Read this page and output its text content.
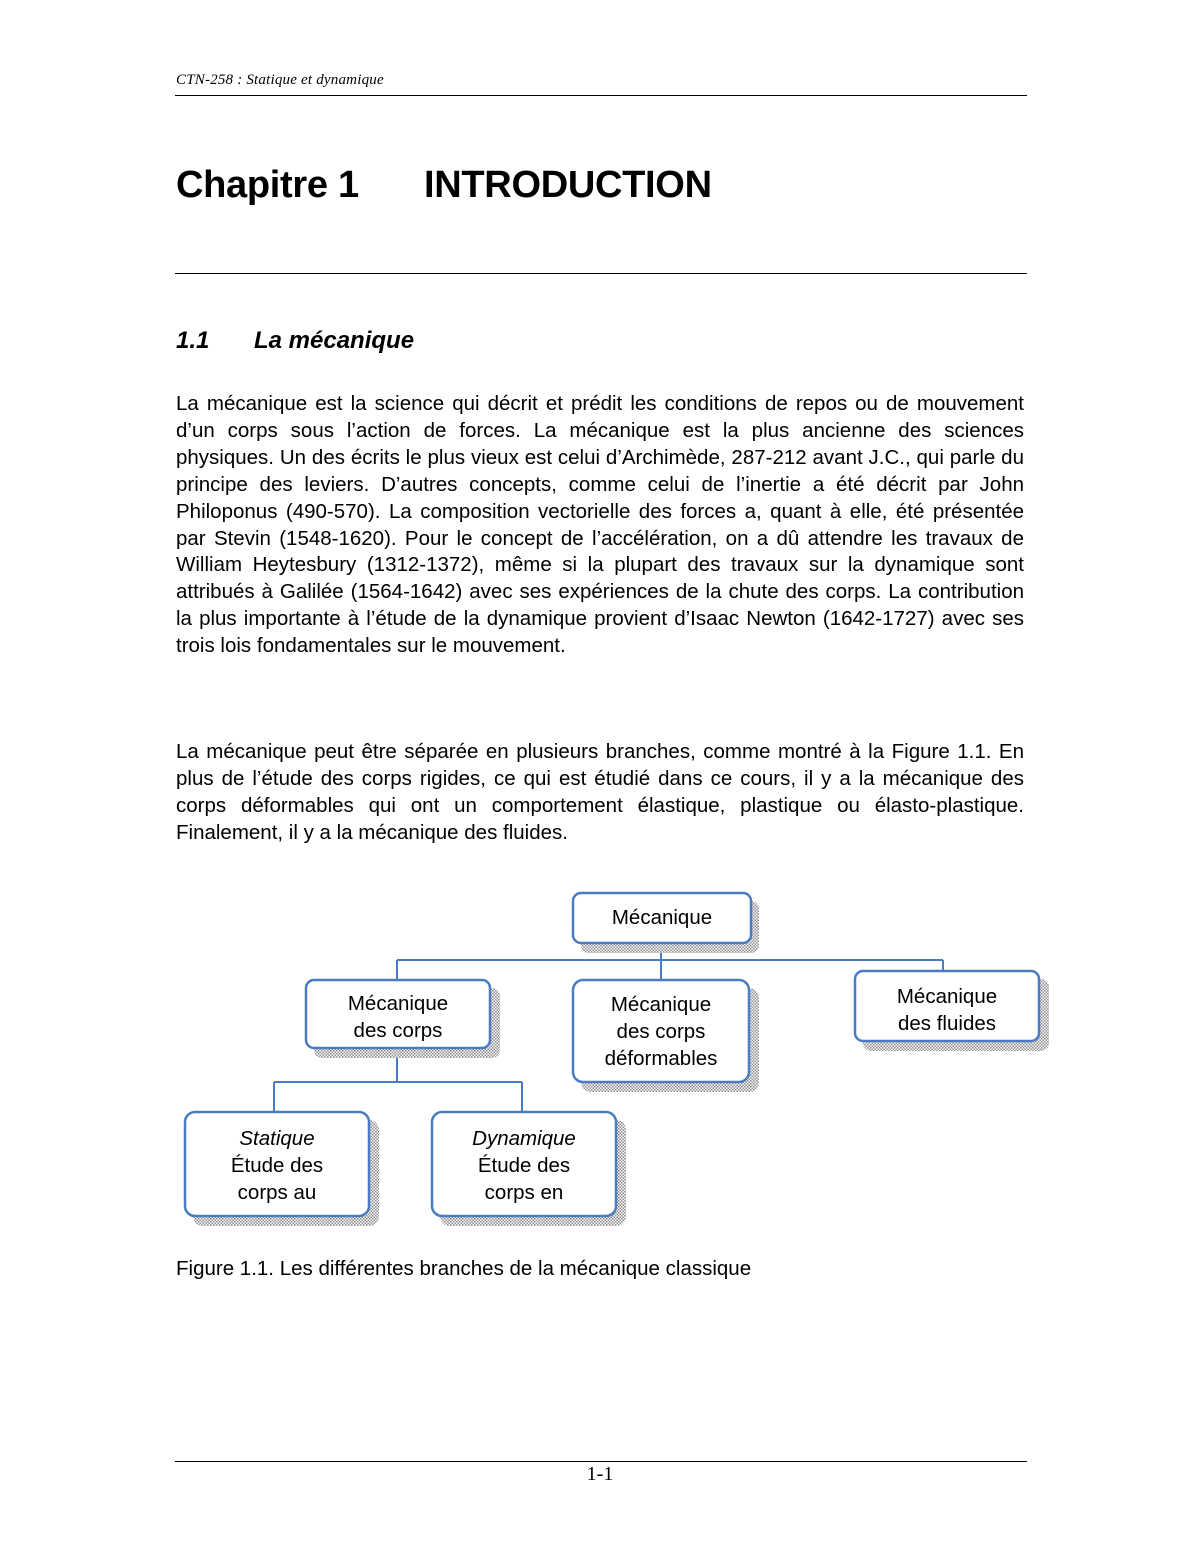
CTN-258 : Statique et dynamique
Chapitre 1 INTRODUCTION
1.1 La mécanique

La mécanique est la science qui décrit et prédit les conditions de repos ou de mouvement d’un corps sous l’action de forces. La mécanique est la plus ancienne des sciences physiques. Un des écrits le plus vieux est celui d’Archimède, 287-212 avant J.C., qui parle du principe des leviers. D’autres concepts, comme celui de l’inertie a été décrit par John Philoponus (490-570). La composition vectorielle des forces a, quant à elle, été présentée par Stevin (1548-1620). Pour le concept de l’accélération, on a dû attendre les travaux de William Heytesbury (1312-1372), même si la plupart des travaux sur la dynamique sont attribués à Galilée (1564-1642) avec ses expériences de la chute des corps. La contribution la plus importante à l’étude de la dynamique provient d’Isaac Newton (1642-1727) avec ses trois lois fondamentales sur le mouvement.

La mécanique peut être séparée en plusieurs branches, comme montré à la Figure 1.1. En plus de l’étude des corps rigides, ce qui est étudié dans ce cours, il y a la mécanique des corps déformables qui ont un comportement élastique, plastique ou élasto-plastique. Finalement, il y a la mécanique des fluides.

Mécanique
Mécanique
des corps
Mécanique
des corps
déformables
Mécanique
des fluides
Statique
Étude des
corps au
Dynamique
Étude des
corps en

Figure 1.1. Les différentes branches de la mécanique classique

1-1
